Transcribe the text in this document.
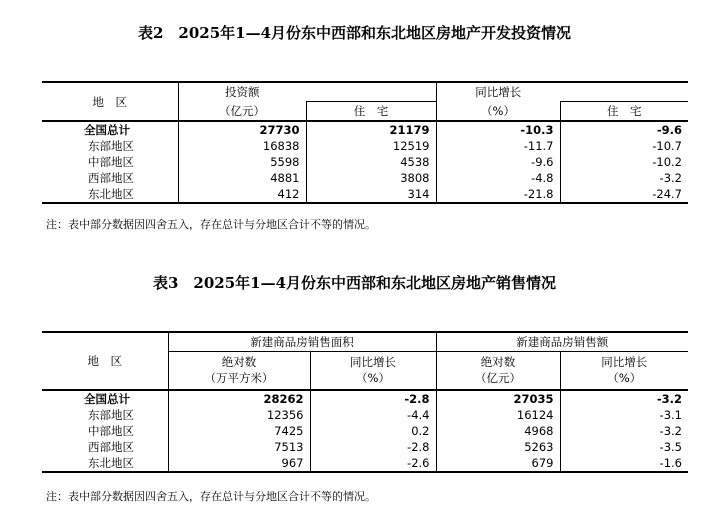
表2　2025年1—4月份东中西部和东北地区房地产开发投资情况
地　区	投资额		同比增长	

	（亿元）	住　宅	（%）	住　宅
全国总计	27730	21179	-10.3	-9.6
东部地区	16838	12519	-11.7	-10.7
中部地区	5598	4538	-9.6	-10.2
西部地区	4881	3808	-4.8	-3.2
东北地区	412	314	-21.8	-24.7
注：表中部分数据因四舍五入，存在总计与分地区合计不等的情况。
表3　2025年1—4月份东中西部和东北地区房地产销售情况
地　区	新建商品房销售面积		新建商品房销售额	
	绝对数	同比增长	绝对数	同比增长
	（万平方米）	（%）	（亿元）	（%）
全国总计	28262	-2.8	27035	-3.2
东部地区	12356	-4.4	16124	-3.1
中部地区	7425	0.2	4968	-3.2
西部地区	7513	-2.8	5263	-3.5
东北地区	967	-2.6	679	-1.6
注：表中部分数据因四舍五入，存在总计与分地区合计不等的情况。
